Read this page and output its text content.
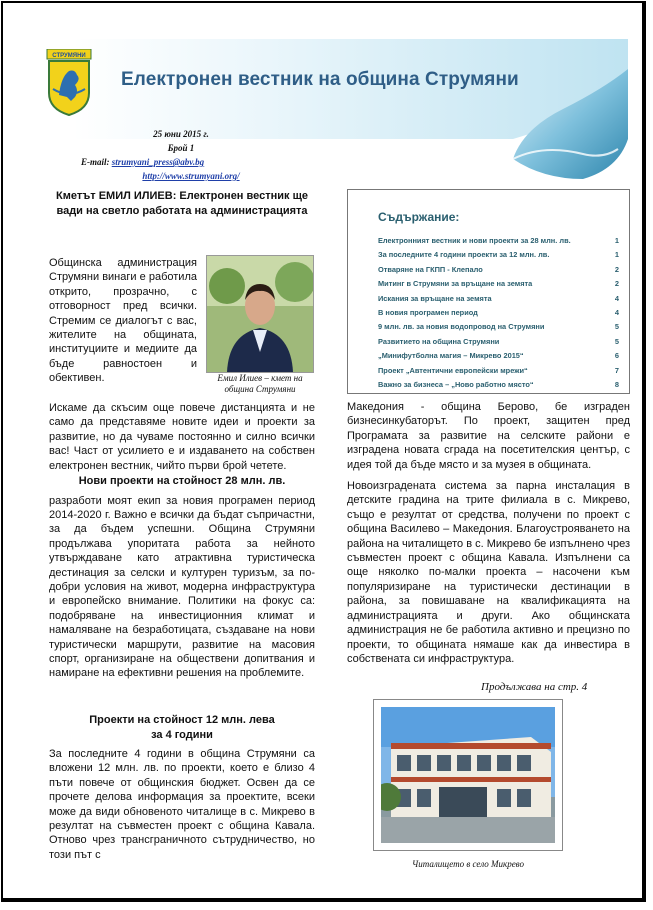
СТРУМЯНИ
Електронен вестник на община Струмяни
25 юни 2015 г.
Брой 1
E-mail: strumyani_press@abv.bg
http://www.strumyani.org/
Кметът ЕМИЛ ИЛИЕВ: Електронен вестник ще вади на светло работата на администрацията

Общинска администрация Струмяни винаги е работила открито, прозрачно, с отговорност пред всички. Стремим се диалогът с вас, жителите на общината, институциите и медиите да бъде равностоен и обективен.	Емил Илиев – кмет на община Струмяни

Искаме да скъсим още повече дистанцията и не само да представяме новите идеи и проекти за развитие, но да чуваме постоянно и силно всички вас! Част от усилието е и издаването на собствен електронен вестник, чийто първи брой четете.

Нови проекти на стойност 28 млн. лв.

разработи моят екип за новия програмен период 2014-2020 г. Важно е всички да бъдат съпричастни, за да бъдем успешни. Община Струмяни продължава упоритата работа за нейното утвърждаване като атрактивна туристическа дестинация за селски и културен туризъм, за по-добри условия на живот, модерна инфраструктура и европейско внимание. Политики на фокус са: подобряване на инвестиционния климат и намаляване на безработицата, създаване на нови туристически маршрути, развитие на масовия спорт, организиране на обществени допитвания и намиране на ефективни решения на проблемите.

Проекти на стойност 12 млн. лева за 4 години

За последните 4 години в община Струмяни са вложени 12 млн. лв. по проекти, което е близо 4 пъти повече от общинския бюджет. Освен да се прочете делова информация за проектите, всеки може да види обновеното читалище в с. Микрево в резултат на съвместен проект с община Кавала. Отново чрез трансграничното сътрудничество, но този път с

Съдържание:
Електронният вестник и нови проекти за 28 млн. лв.	1
За последните 4 години проекти за 12 млн. лв.	1
Отваряне на ГКПП - Клепало	2
Митинг в Струмяни за връщане на земята	2
Искания за връщане на земята	4
В новия програмен период	4
9 млн. лв. за новия водопровод на Струмяни	5
Развитието на община Струмяни	5
„Минифутболна магия – Микрево 2015“	6
Проект „Автентични европейски мрежи“	7
Важно за бизнеса – „Ново работно място“	8

Македония - община Берово, бе изграден бизнесинкубаторът. По проект, защитен пред Програмата за развитие на селските райони е изградена новата сграда на посетителския център, с идея той да бъде място и за музея в общината.

Новоизградената система за парна инсталация в детските градина на трите филиала в с. Микрево, също е резултат от средства, получени по проект с община Василево – Македония. Благоустрояването на района на читалището в с. Микрево бе изпълнено чрез съвместен проект с община Кавала. Изпълнени са още няколко по-малки проекта – насочени към популяризиране на туристически дестинации в района, за повишаване на квалификацията на администрацията и други. Ако общинската администрация не бе работила активно и прецизно по проекти, то общината нямаше как да инвестира в собствената си инфраструктура.

Продължава на стр. 4
Читалището в село Микрево
